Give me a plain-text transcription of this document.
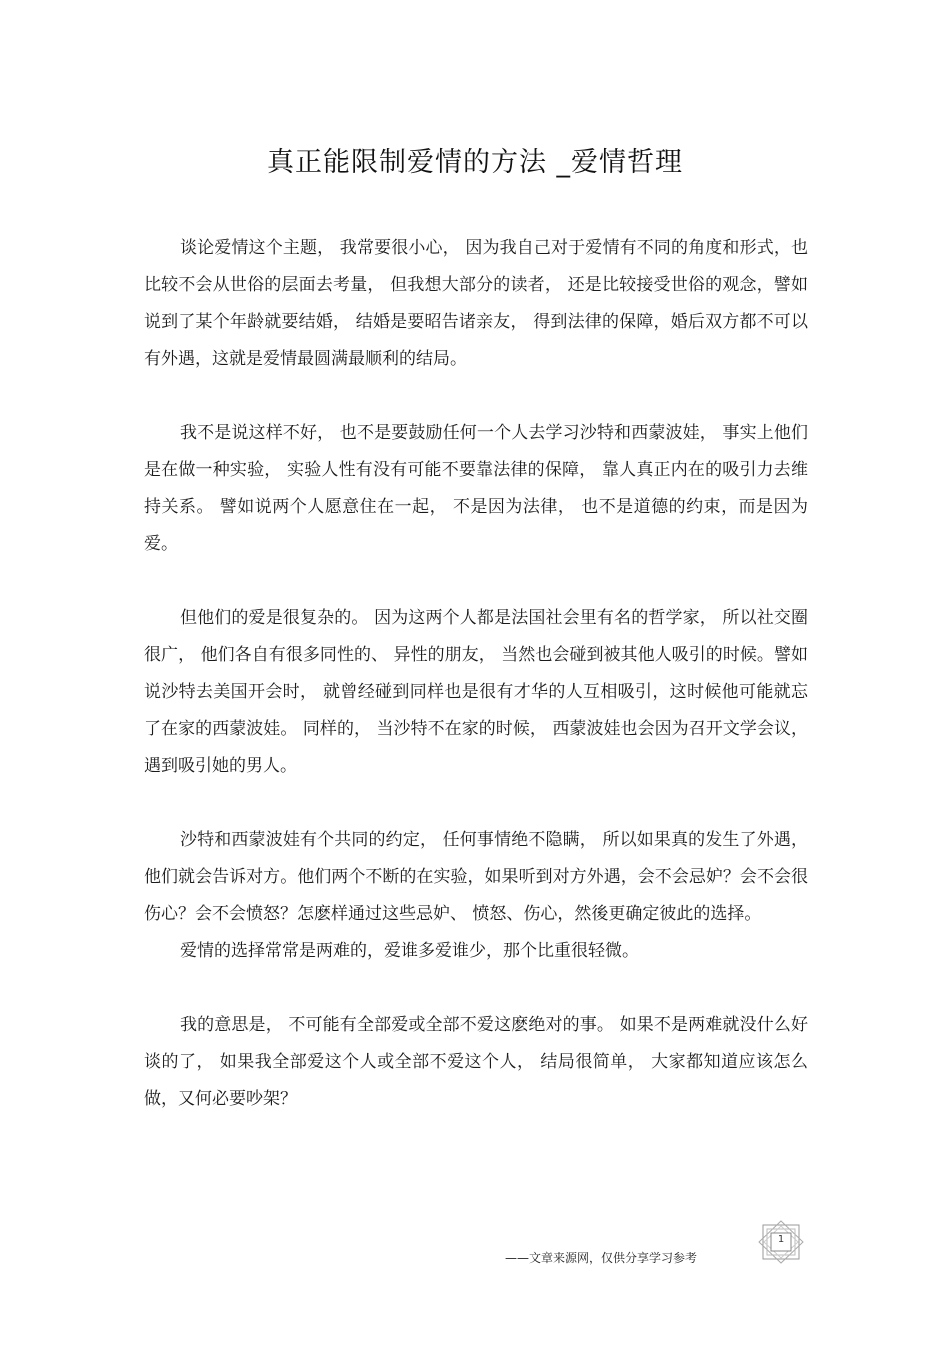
真正能限制爱情的方法 _爱情哲理

谈论爱情这个主题， 我常要很小心， 因为我自己对于爱情有不同的角度和形式，也比较不会从世俗的层面去考量， 但我想大部分的读者， 还是比较接受世俗的观念，譬如说到了某个年龄就要结婚， 结婚是要昭告诸亲友， 得到法律的保障，婚后双方都不可以有外遇，这就是爱情最圆满最顺利的结局。

我不是说这样不好， 也不是要鼓励任何一个人去学习沙特和西蒙波娃， 事实上他们是在做一种实验， 实验人性有没有可能不要靠法律的保障， 靠人真正内在的吸引力去维持关系。 譬如说两个人愿意住在一起， 不是因为法律， 也不是道德的约束，而是因为爱。

但他们的爱是很复杂的。 因为这两个人都是法国社会里有名的哲学家， 所以社交圈很广， 他们各自有很多同性的、 异性的朋友， 当然也会碰到被其他人吸引的时候。譬如说沙特去美国开会时， 就曾经碰到同样也是很有才华的人互相吸引，这时候他可能就忘了在家的西蒙波娃。 同样的， 当沙特不在家的时候， 西蒙波娃也会因为召开文学会议，遇到吸引她的男人。

沙特和西蒙波娃有个共同的约定， 任何事情绝不隐瞒， 所以如果真的发生了外遇，他们就会告诉对方。他们两个不断的在实验，如果听到对方外遇，会不会忌妒？会不会很伤心？会不会愤怒？怎麽样通过这些忌妒、 愤怒、伤心，然後更确定彼此的选择。

爱情的选择常常是两难的，爱谁多爱谁少，那个比重很轻微。

我的意思是， 不可能有全部爱或全部不爱这麽绝对的事。 如果不是两难就没什么好谈的了， 如果我全部爱这个人或全部不爱这个人， 结局很简单， 大家都知道应该怎么做，又何必要吵架？

——文章来源网，仅供分享学习参考
1
